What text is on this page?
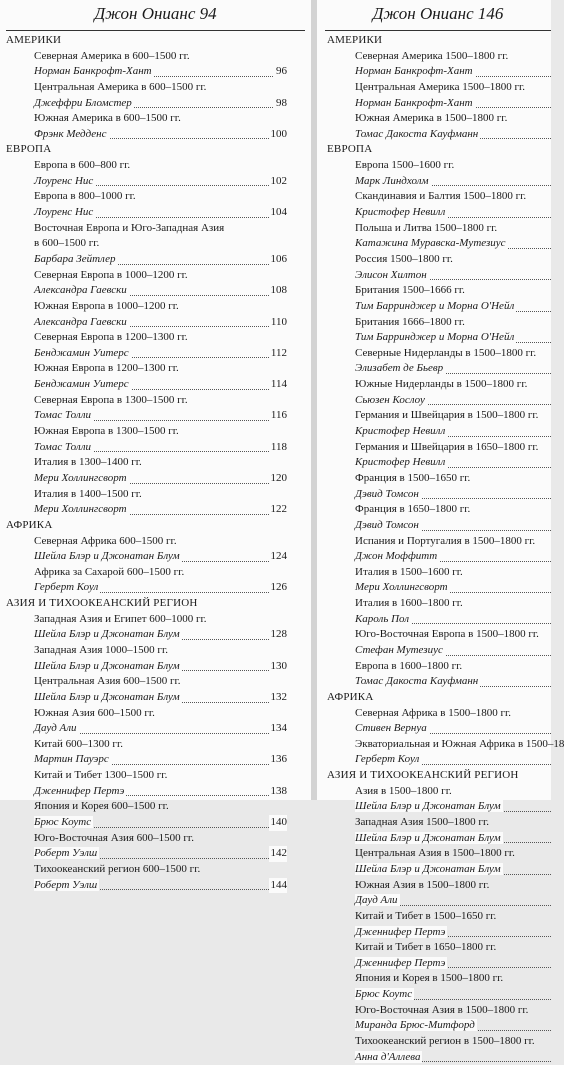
Джон Онианс 94
АМЕРИКИ
Северная Америка в 600–1500 гг.
Норман Банкрофт-Хант	96
Центральная Америка в 600–1500 гг.
Джеффри Бломстер	98
Южная Америка в 600–1500 гг.
Фрэнк Медденс	100
ЕВРОПА
Европа в 600–800 гг.
Лоуренс Нис	102
Европа в 800–1000 гг.
Лоуренс Нис	104
Восточная Европа и Юго-Западная Азия
в 600–1500 гг.
Барбара Зейтлер	106
Северная Европа в 1000–1200 гг.
Александра Гаевски	108
Южная Европа в 1000–1200 гг.
Александра Гаевски	110
Северная Европа в 1200–1300 гг.
Бенджамин Уитерс	112
Южная Европа в 1200–1300 гг.
Бенджамин Уитерс	114
Северная Европа в 1300–1500 гг.
Томас Толли	116
Южная Европа в 1300–1500 гг.
Томас Толли	118
Италия в 1300–1400 гг.
Мери Холлингсворт	120
Италия в 1400–1500 гг.
Мери Холлингсворт	122
АФРИКА
Северная Африка 600–1500 гг.
Шейла Блэр и Джонатан Блум	124
Африка за Сахарой 600–1500 гг.
Герберт Коул	126
АЗИЯ И ТИХООКЕАНСКИЙ РЕГИОН
Западная Азия и Египет 600–1000 гг.
Шейла Блэр и Джонатан Блум	128
Западная Азия 1000–1500 гг.
Шейла Блэр и Джонатан Блум	130
Центральная Азия 600–1500 гг.
Шейла Блэр и Джонатан Блум	132
Южная Азия 600–1500 гг.
Дауд Али	134
Китай 600–1300 гг.
Мартин Пауэрс	136
Китай и Тибет 1300–1500 гг.
Дженнифер Пертэ	138
Япония и Корея 600–1500 гг.
Брюс Коутс	140
Юго-Восточная Азия 600–1500 гг.
Роберт Уэлш	142
Тихоокеанский регион 600–1500 гг.
Роберт Уэлш	144
Джон Онианс 146
АМЕРИКИ
Северная Америка 1500–1800 гг.
Норман Банкрофт-Хант
Центральная Америка 1500–1800 гг.
Норман Банкрофт-Хант
Южная Америка в 1500–1800 гг.
Томас Дакоста Кауфманн
ЕВРОПА
Европа 1500–1600 гг.
Марк Линдхолм
Скандинавия и Балтия 1500–1800 гг.
Кристофер Невилл
Польша и Литва 1500–1800 гг.
Катажина Муравска-Мутезиус
Россия 1500–1800 гг.
Элисон Хилтон
Британия 1500–1666 гг.
Тим Барринджер и Морна О'Нейл
Британия 1666–1800 гг.
Тим Барринджер и Морна О'Нейл
Северные Нидерланды в 1500–1800 гг.
Элизабет де Бьевр
Южные Нидерланды в 1500–1800 гг.
Сьюзен Кослоу
Германия и Швейцария в 1500–1800 гг.
Кристофер Невилл
Германия и Швейцария в 1650–1800 гг.
Кристофер Невилл
Франция в 1500–1650 гг.
Дэвид Томсон
Франция в 1650–1800 гг.
Дэвид Томсон
Испания и Португалия в 1500–1800 гг.
Джон Моффитт
Италия в 1500–1600 гг.
Мери Холлингсворт
Италия в 1600–1800 гг.
Кароль Пол
Юго-Восточная Европа в 1500–1800 гг.
Стефан Мутезиус
Европа в 1600–1800 гг.
Томас Дакоста Кауфманн
АФРИКА
Северная Африка в 1500–1800 гг.
Стивен Вернуа
Экваториальная и Южная Африка в 1500–18
Герберт Коул
АЗИЯ И ТИХООКЕАНСКИЙ РЕГИОН
Азия в 1500–1800 гг.
Шейла Блэр и Джонатан Блум
Западная Азия 1500–1800 гг.
Шейла Блэр и Джонатан Блум
Центральная Азия в 1500–1800 гг.
Шейла Блэр и Джонатан Блум
Южная Азия в 1500–1800 гг.
Дауд Али
Китай и Тибет в 1500–1650 гг.
Дженнифер Пертэ
Китай и Тибет в 1650–1800 гг.
Дженнифер Пертэ
Япония и Корея в 1500–1800 гг.
Брюс Коутс
Юго-Восточная Азия в 1500–1800 гг.
Миранда Брюс-Митфорд
Тихоокеанский регион в 1500–1800 гг.
Анна д'Аллева
